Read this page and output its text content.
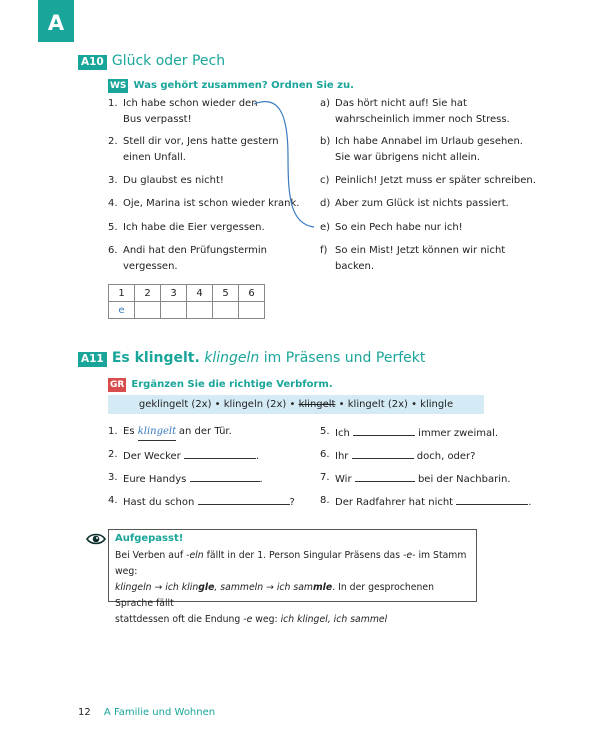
A
A10 Glück oder Pech
WS Was gehört zusammen? Ordnen Sie zu.
1. Ich habe schon wieder den
Bus verpasst!
2. Stell dir vor, Jens hatte gestern
einen Unfall.
3. Du glaubst es nicht!
4. Oje, Marina ist schon wieder krank.
5. Ich habe die Eier vergessen.
6. Andi hat den Prüfungstermin
vergessen.
a) Das hört nicht auf! Sie hat
wahrscheinlich immer noch Stress.
b) Ich habe Annabel im Urlaub gesehen.
Sie war übrigens nicht allein.
c) Peinlich! Jetzt muss er später schreiben.
d) Aber zum Glück ist nichts passiert.
e) So ein Pech habe nur ich!
f) So ein Mist! Jetzt können wir nicht
backen.
1	2	3	4	5	6
e					
A11 Es klingelt. klingeln im Präsens und Perfekt
GR Ergänzen Sie die richtige Verbform.
geklingelt (2x) • klingeln (2x) • klingelt • klingelt (2x) • klingle
1. Es klingelt an der Tür.
2. Der Wecker	.
3. Eure Handys	.
4. Hast du schon	?
5. Ich	immer zweimal.
6. Ihr	doch, oder?
7. Wir	bei der Nachbarin.
8. Der Radfahrer hat nicht	.
Aufgepasst!
Bei Verben auf -eln fällt in der 1. Person Singular Präsens das -e- im Stamm weg:
klingeln → ich klingle, sammeln → ich sammle. In der gesprochenen Sprache fällt
stattdessen oft die Endung -e weg: ich klingel, ich sammel
12 A Familie und Wohnen
